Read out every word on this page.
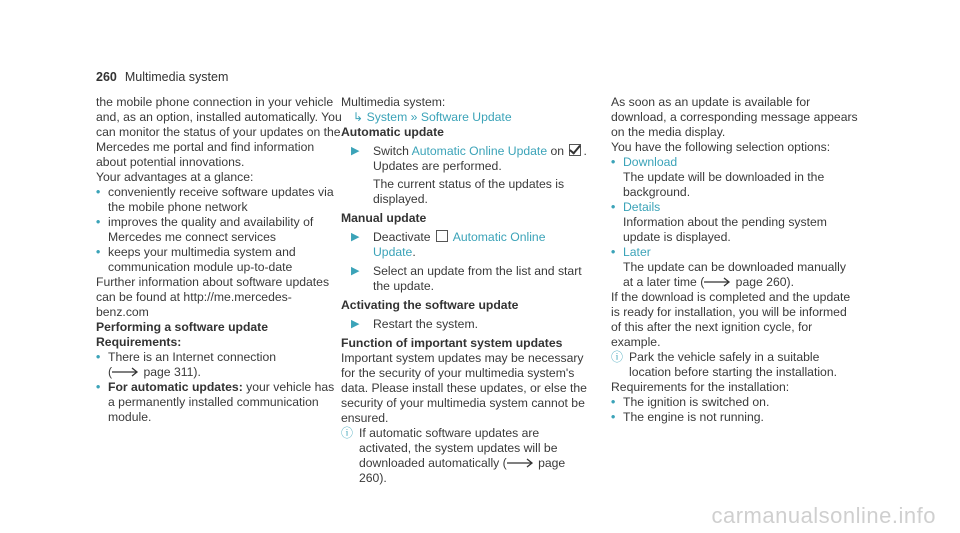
260 Multimedia system

the mobile phone connection in your vehicle and, as an option, installed automatically. You can monitor the status of your updates on the Mercedes me portal and find information about potential innovations.

Your advantages at a glance:

• conveniently receive software updates via the mobile phone network
• improves the quality and availability of Mercedes me connect services
• keeps your multimedia system and communication module up-to-date

Further information about software updates can be found at http://me.mercedes-benz.com

Performing a software update

Requirements:

• There is an Internet connection
(	page 311).
• For automatic updates: your vehicle has a permanently installed communication module.

Multimedia system:

↳ System » Software Update

Automatic update

▶ Switch Automatic Online Update on .
Updates are performed.
The current status of the updates is displayed.

Manual update

▶ Deactivate  Automatic Online Update.
▶ Select an update from the list and start the update.

Activating the software update

▶ Restart the system.

Function of important system updates

Important system updates may be necessary for the security of your multimedia system's data. Please install these updates, or else the security of your multimedia system cannot be ensured.

ⓘ If automatic software updates are activated, the system updates will be downloaded automatically (	page 260).

As soon as an update is available for download, a corresponding message appears on the media display.

You have the following selection options:

• Download
The update will be downloaded in the background.
• Details
Information about the pending system update is displayed.
• Later
The update can be downloaded manually at a later time (	page 260).

If the download is completed and the update is ready for installation, you will be informed of this after the next ignition cycle, for example.

ⓘ Park the vehicle safely in a suitable location before starting the installation.

Requirements for the installation:

• The ignition is switched on.
• The engine is not running.
carmanualsonline.info
